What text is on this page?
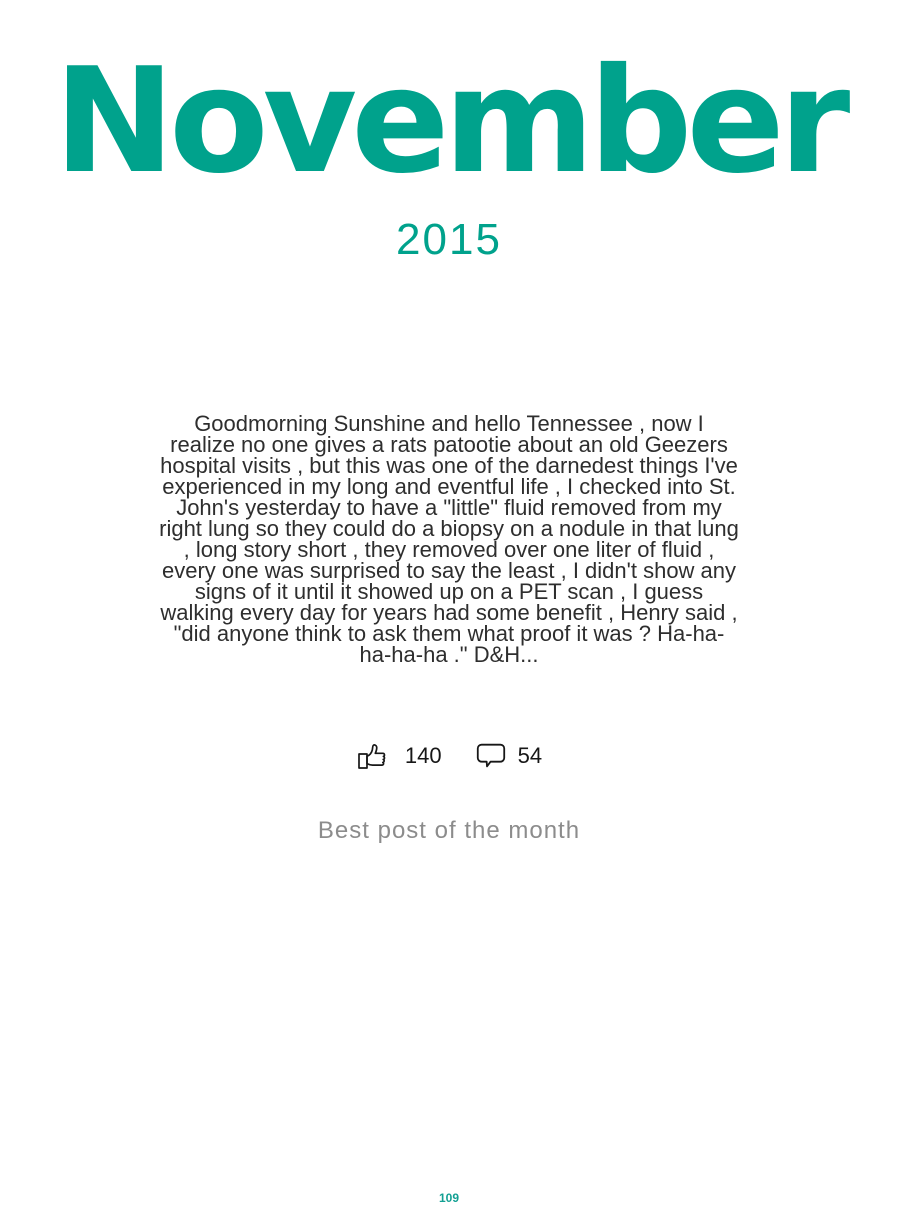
November
2015

Goodmorning Sunshine and hello Tennessee , now I realize no one gives a rats patootie about an old Geezers hospital visits , but this was one of the darnedest things I've experienced in my long and eventful life , I checked into St. John's yesterday to have a "little" fluid removed from my right lung so they could do a biopsy on a nodule in that lung , long story short , they removed over one liter of fluid , every one was surprised to say the least , I didn't show any signs of it until it showed up on a PET scan , I guess walking every day for years had some benefit , Henry said , "did anyone think to ask them what proof it was ? Ha-ha-ha-ha-ha ." D&H...

140	54
Best post of the month
109
